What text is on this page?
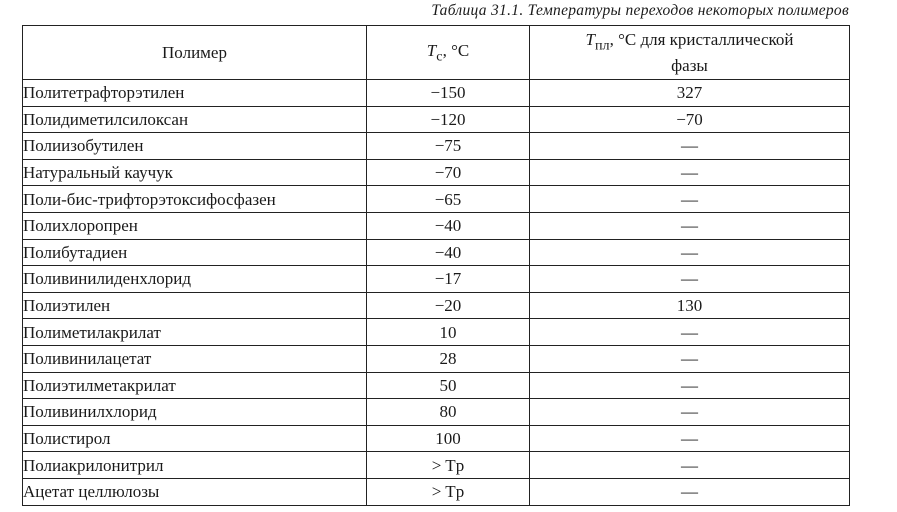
Таблица 31.1. Температуры переходов некоторых полимеров
Полимер	$T_с$, °С	$T_{пл}$, °С для кристаллической
фазы
Политетрафторэтилен	−150	327
Полидиметилсилоксан	−120	−70
Полиизобутилен	−75	—
Натуральный каучук	−70	—
Поли-бис-трифторэтоксифосфазен	−65	—
Полихлоропрен	−40	—
Полибутадиен	−40	—
Поливинилиденхлорид	−17	—
Полиэтилен	−20	130
Полиметилакрилат	10	—
Поливинилацетат	28	—
Полиэтилметакрилат	50	—
Поливинилхлорид	80	—
Полистирол	100	—
Полиакрилонитрил	> Tр	—
Ацетат целлюлозы	> Tр	—
